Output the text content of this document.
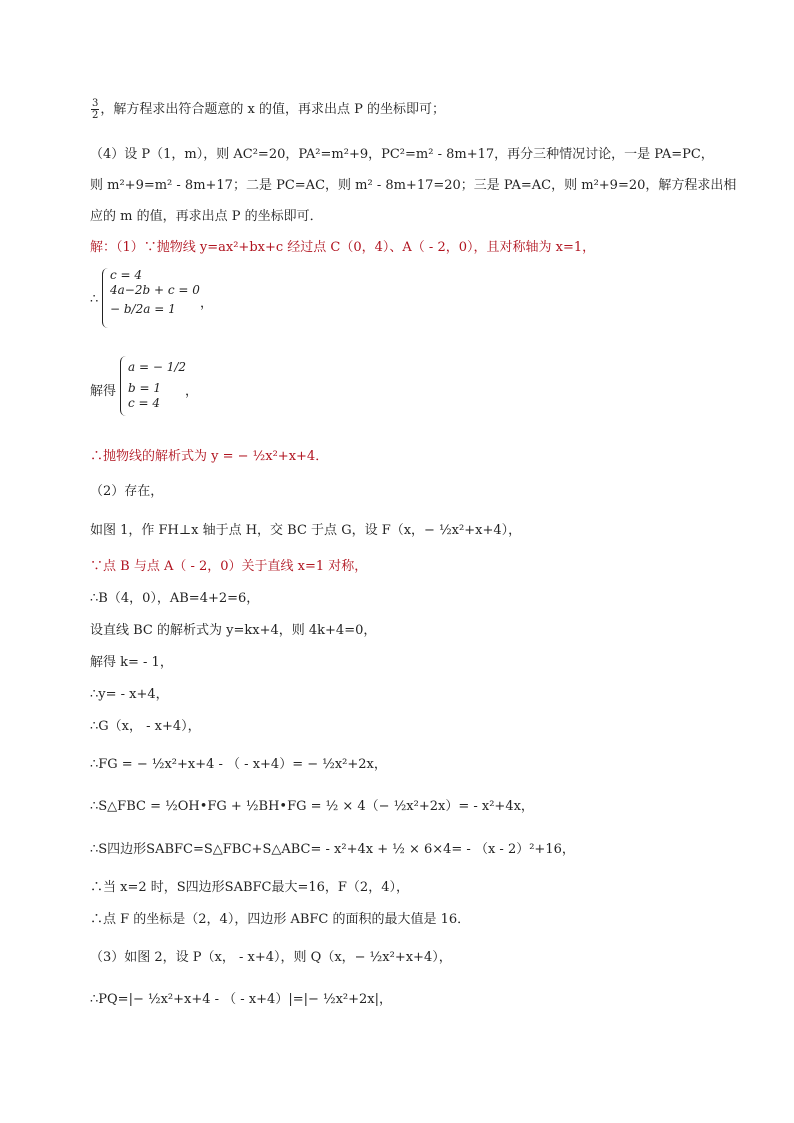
$\frac{3}{2}$ ，解方程求出符合题意的 x 的值，再求出点 P 的坐标即可；
（4）设 P（1，m），则 AC²=20，PA²=m²+9，PC²=m² - 8m+17，再分三种情况讨论，一是 PA=PC，
则 m²+9=m² - 8m+17；二是 PC=AC，则 m² - 8m+17=20；三是 PA=AC，则 m²+9=20，解方程求出相
应的 m 的值，再求出点 P 的坐标即可．
解：（1）∵抛物线 y=ax²+bx+c 经过点 C（0，4）、A（ - 2，0），且对称轴为 x=1，
∴
c = 4
4a−2b + c = 0
− b/2a = 1	，
解得
a = − 1/2
b = 1
c = 4
，
∴抛物线的解析式为 y = − ½x²+x+4．
（2）存在，
如图 1，作 FH⊥x 轴于点 H，交 BC 于点 G，设 F（x，− ½x²+x+4），
∵点 B 与点 A（ - 2，0）关于直线 x=1 对称，
∴B（4，0），AB=4+2=6，
设直线 BC 的解析式为 y=kx+4，则 4k+4=0，
解得 k= - 1，
∴y= - x+4，
∴G（x， - x+4），
∴FG = − ½x²+x+4 - （ - x+4）= − ½x²+2x，
∴S△FBC = ½OH•FG + ½BH•FG = ½ × 4（− ½x²+2x）= - x²+4x，
∴S四边形SABFC=S△FBC+S△ABC= - x²+4x + ½ × 6×4= - （x - 2）²+16，
∴当 x=2 时，S四边形SABFC最大=16，F（2，4），
∴点 F 的坐标是（2，4），四边形 ABFC 的面积的最大值是 16．
（3）如图 2，设 P（x， - x+4），则 Q（x，− ½x²+x+4），
∴PQ=|− ½x²+x+4 - （ - x+4）|=|− ½x²+2x|，
